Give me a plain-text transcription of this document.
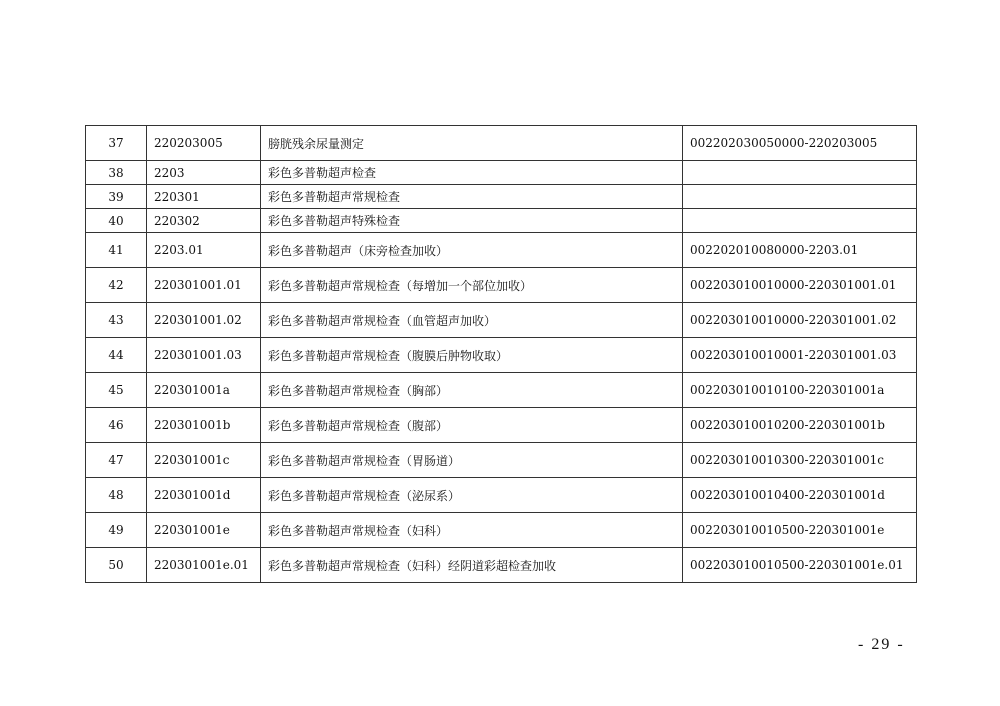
37	220203005	膀胱残余尿量测定	002202030050000-220203005
38	2203	彩色多普勒超声检查	
39	220301	彩色多普勒超声常规检查	
40	220302	彩色多普勒超声特殊检查	
41	2203.01	彩色多普勒超声（床旁检查加收）	002202010080000-2203.01
42	220301001.01	彩色多普勒超声常规检查（每增加一个部位加收）	002203010010000-220301001.01
43	220301001.02	彩色多普勒超声常规检查（血管超声加收）	002203010010000-220301001.02
44	220301001.03	彩色多普勒超声常规检查（腹膜后肿物收取）	002203010010001-220301001.03
45	220301001a	彩色多普勒超声常规检查（胸部）	002203010010100-220301001a
46	220301001b	彩色多普勒超声常规检查（腹部）	002203010010200-220301001b
47	220301001c	彩色多普勒超声常规检查（胃肠道）	002203010010300-220301001c
48	220301001d	彩色多普勒超声常规检查（泌尿系）	002203010010400-220301001d
49	220301001e	彩色多普勒超声常规检查（妇科）	002203010010500-220301001e
50	220301001e.01	彩色多普勒超声常规检查（妇科）经阴道彩超检查加收	002203010010500-220301001e.01
- 29 -
